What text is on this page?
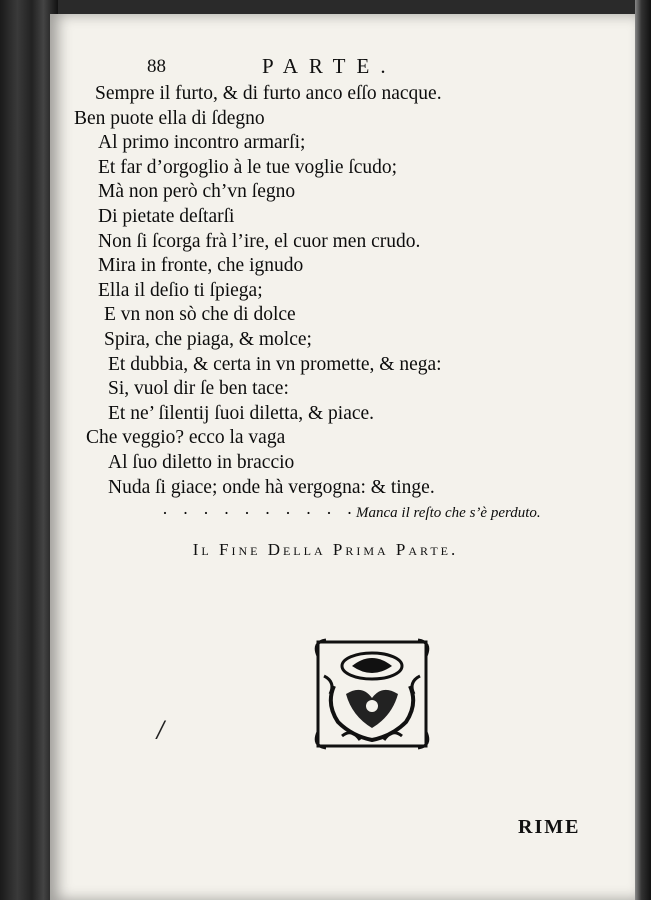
88	PARTE.
Sempre il furto, & di furto anco eſſo nacque.
Ben puote ella di ſdegno
Al primo incontro armarſi;
Et far d’orgoglio à le tue voglie ſcudo;
Mà non però ch’vn ſegno
Di pietate deſtarſi
Non ſi ſcorga frà l’ire, el cuor men crudo.
Mira in fronte, che ignudo
Ella il deſio ti ſpiega;
E vn non sò che di dolce
Spira, che piaga, & molce;
Et dubbia, & certa in vn promette, & nega:
Si, vuol dir ſe ben tace:
Et ne’ ſilentij ſuoi diletta, & piace.
Che veggio? ecco la vaga
Al ſuo diletto in braccio
Nuda ſi giace; onde hà vergogna: & tinge.
· · · · · · · · · ·
Manca il reſto che s’è perduto.
Il Fine Della Prima Parte.
/
RIME
